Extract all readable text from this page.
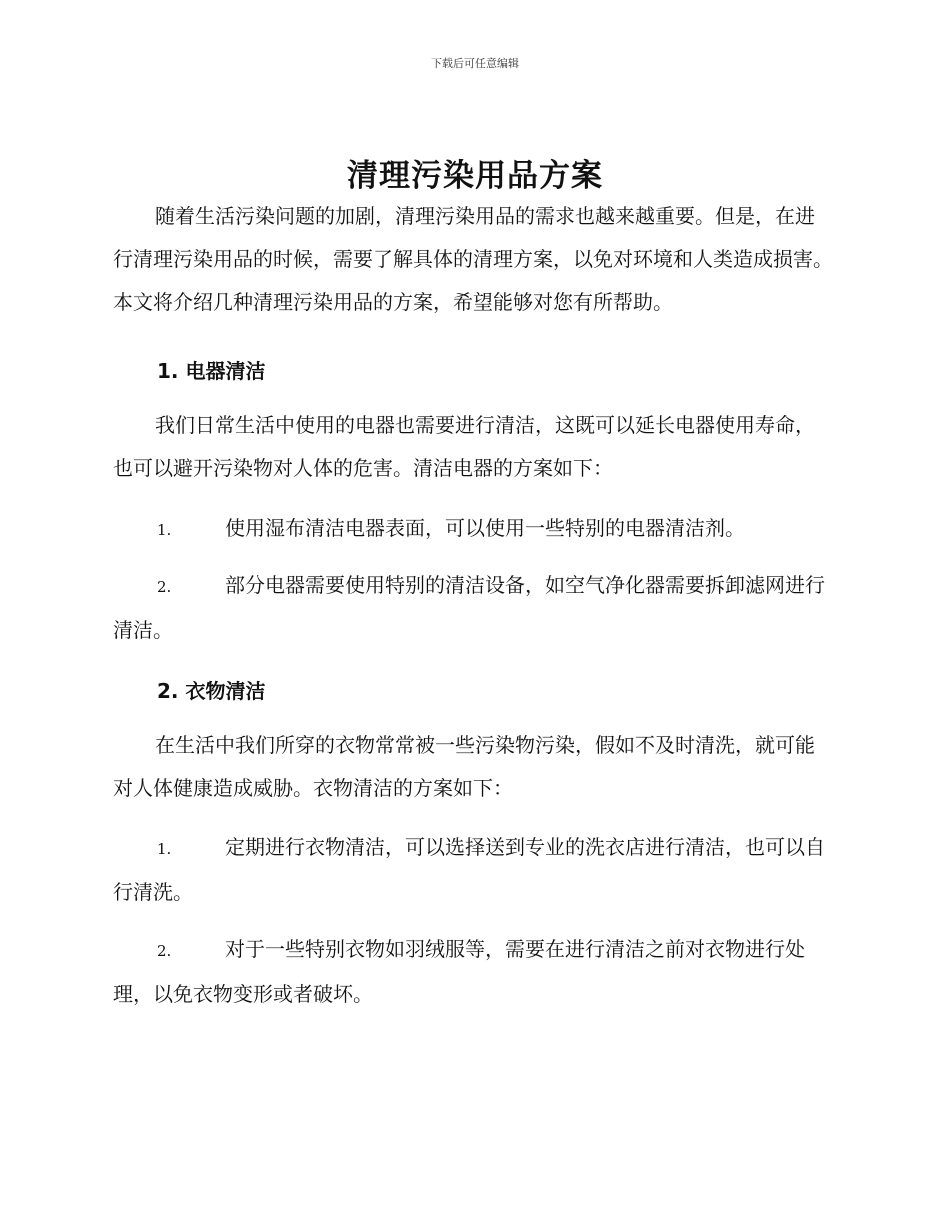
下载后可任意编辑
清理污染用品方案

随着生活污染问题的加剧，清理污染用品的需求也越来越重要。但是，在进行清理污染用品的时候，需要了解具体的清理方案，以免对环境和人类造成损害。本文将介绍几种清理污染用品的方案，希望能够对您有所帮助。

1. 电器清洁

我们日常生活中使用的电器也需要进行清洁，这既可以延长电器使用寿命，也可以避开污染物对人体的危害。清洁电器的方案如下：

1.	使用湿布清洁电器表面，可以使用一些特别的电器清洁剂。
2.	部分电器需要使用特别的清洁设备，如空气净化器需要拆卸滤网进行清洁。
2. 衣物清洁

在生活中我们所穿的衣物常常被一些污染物污染，假如不及时清洗，就可能对人体健康造成威胁。衣物清洁的方案如下：

1.	定期进行衣物清洁，可以选择送到专业的洗衣店进行清洁，也可以自行清洗。
2.	对于一些特别衣物如羽绒服等，需要在进行清洁之前对衣物进行处理，以免衣物变形或者破坏。
